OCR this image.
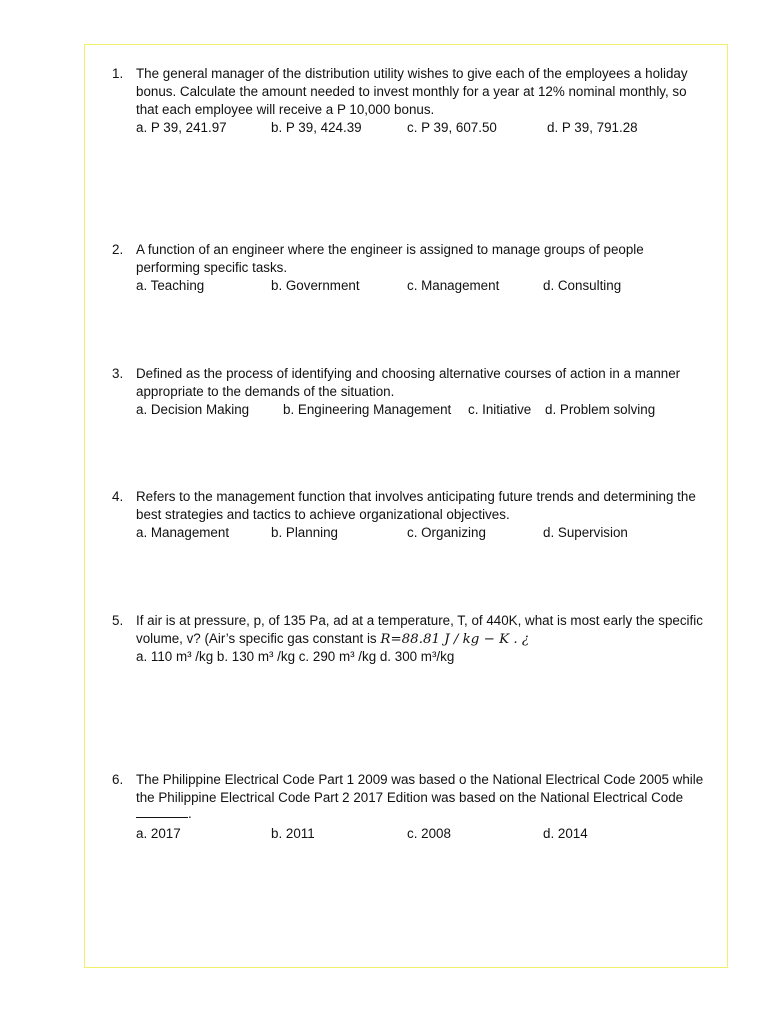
1. The general manager of the distribution utility wishes to give each of the employees a holiday
bonus. Calculate the amount needed to invest monthly for a year at 12% nominal monthly, so
that each employee will receive a P 10,000 bonus.
a. P 39, 241.97	b. P 39, 424.39	c. P 39, 607.50	d. P 39, 791.28
2. A function of an engineer where the engineer is assigned to manage groups of people
performing specific tasks.
a. Teaching	b. Government	c. Management	d. Consulting
3. Defined as the process of identifying and choosing alternative courses of action in a manner
appropriate to the demands of the situation.
a. Decision Making	b. Engineering Management c. Initiative d. Problem solving
4. Refers to the management function that involves anticipating future trends and determining the
best strategies and tactics to achieve organizational objectives.
a. Management	b. Planning	c. Organizing	d. Supervision
5. If air is at pressure, p, of 135 Pa, ad at a temperature, T, of 440K, what is most early the specific
volume, v? (Air’s specific gas constant is R=88.81 J / kg − K . ¿
a. 110 m³ /kg b. 130 m³ /kg c. 290 m³ /kg d. 300 m³/kg
6. The Philippine Electrical Code Part 1 2009 was based o the National Electrical Code 2005 while
the Philippine Electrical Code Part 2 2017 Edition was based on the National Electrical Code
.
a. 2017	b. 2011	c. 2008	d. 2014
